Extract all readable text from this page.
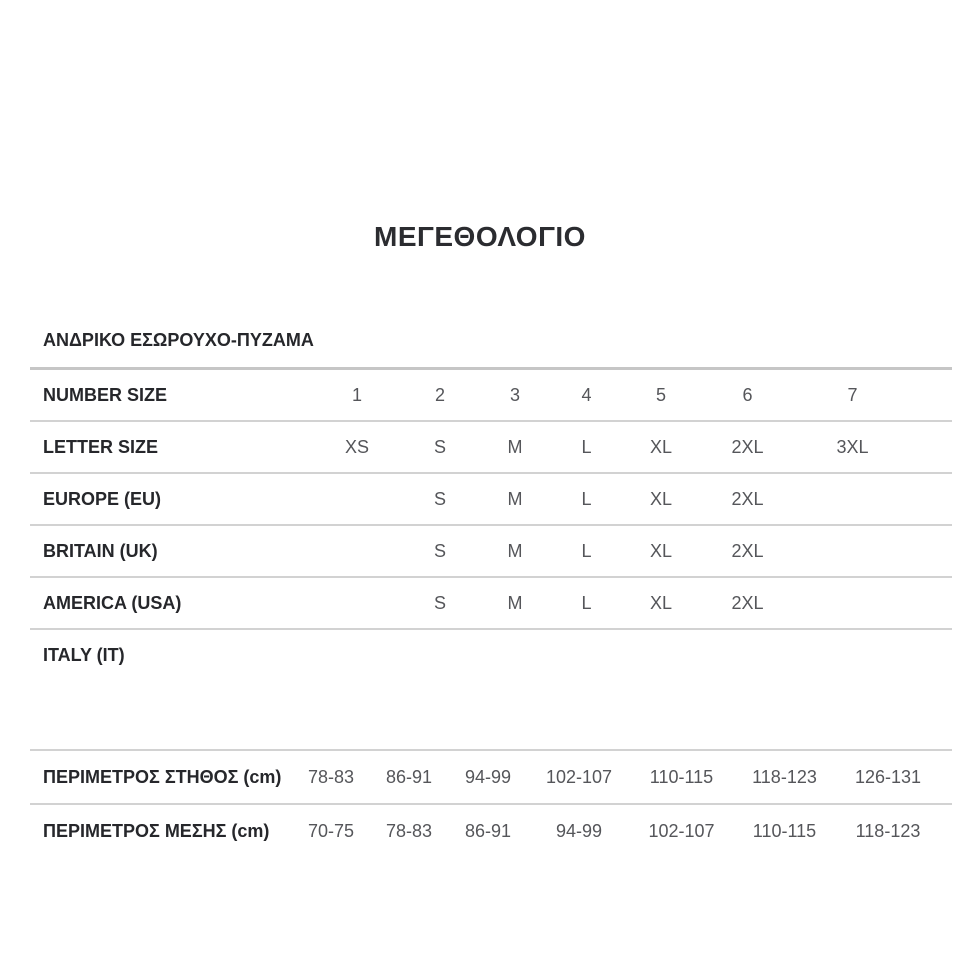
ΜΕΓΕΘΟΛΟΓΙΟ
ΑΝΔΡΙΚΟ ΕΣΩΡΟΥΧΟ-ΠΥΖΑΜΑ
NUMBER SIZE	1	2	3	4	5	6	7
LETTER SIZE	XS	S	M	L	XL	2XL	3XL
EUROPE (EU)		S	M	L	XL	2XL	
BRITAIN (UK)		S	M	L	XL	2XL	
AMERICA (USA)		S	M	L	XL	2XL	
ITALY (IT)							
ΠΕΡΙΜΕΤΡΟΣ ΣΤΗΘΟΣ (cm)	78-83	86-91	94-99	102-107	110-115	118-123	126-131
ΠΕΡΙΜΕΤΡΟΣ ΜΕΣΗΣ (cm)	70-75	78-83	86-91	94-99	102-107	110-115	118-123
